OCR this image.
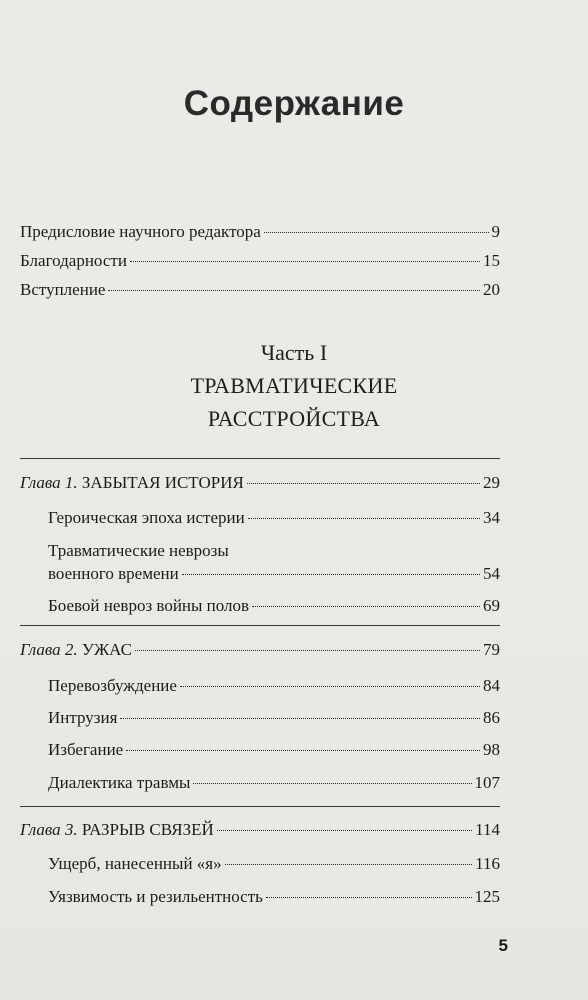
Содержание
Предисловие научного редактора	9
Благодарности	15
Вступление	20
Часть I
ТРАВМАТИЧЕСКИЕ
РАССТРОЙСТВА
Глава 1. ЗАБЫТАЯ ИСТОРИЯ	29
Героическая эпоха истерии	34
Травматические неврозы
военного времени	54
Боевой невроз войны полов	69
Глава 2. УЖАС	79
Перевозбуждение	84
Интрузия	86
Избегание	98
Диалектика травмы	107
Глава 3. РАЗРЫВ СВЯЗЕЙ	114
Ущерб, нанесенный «я»	116
Уязвимость и резильентность	125
5
